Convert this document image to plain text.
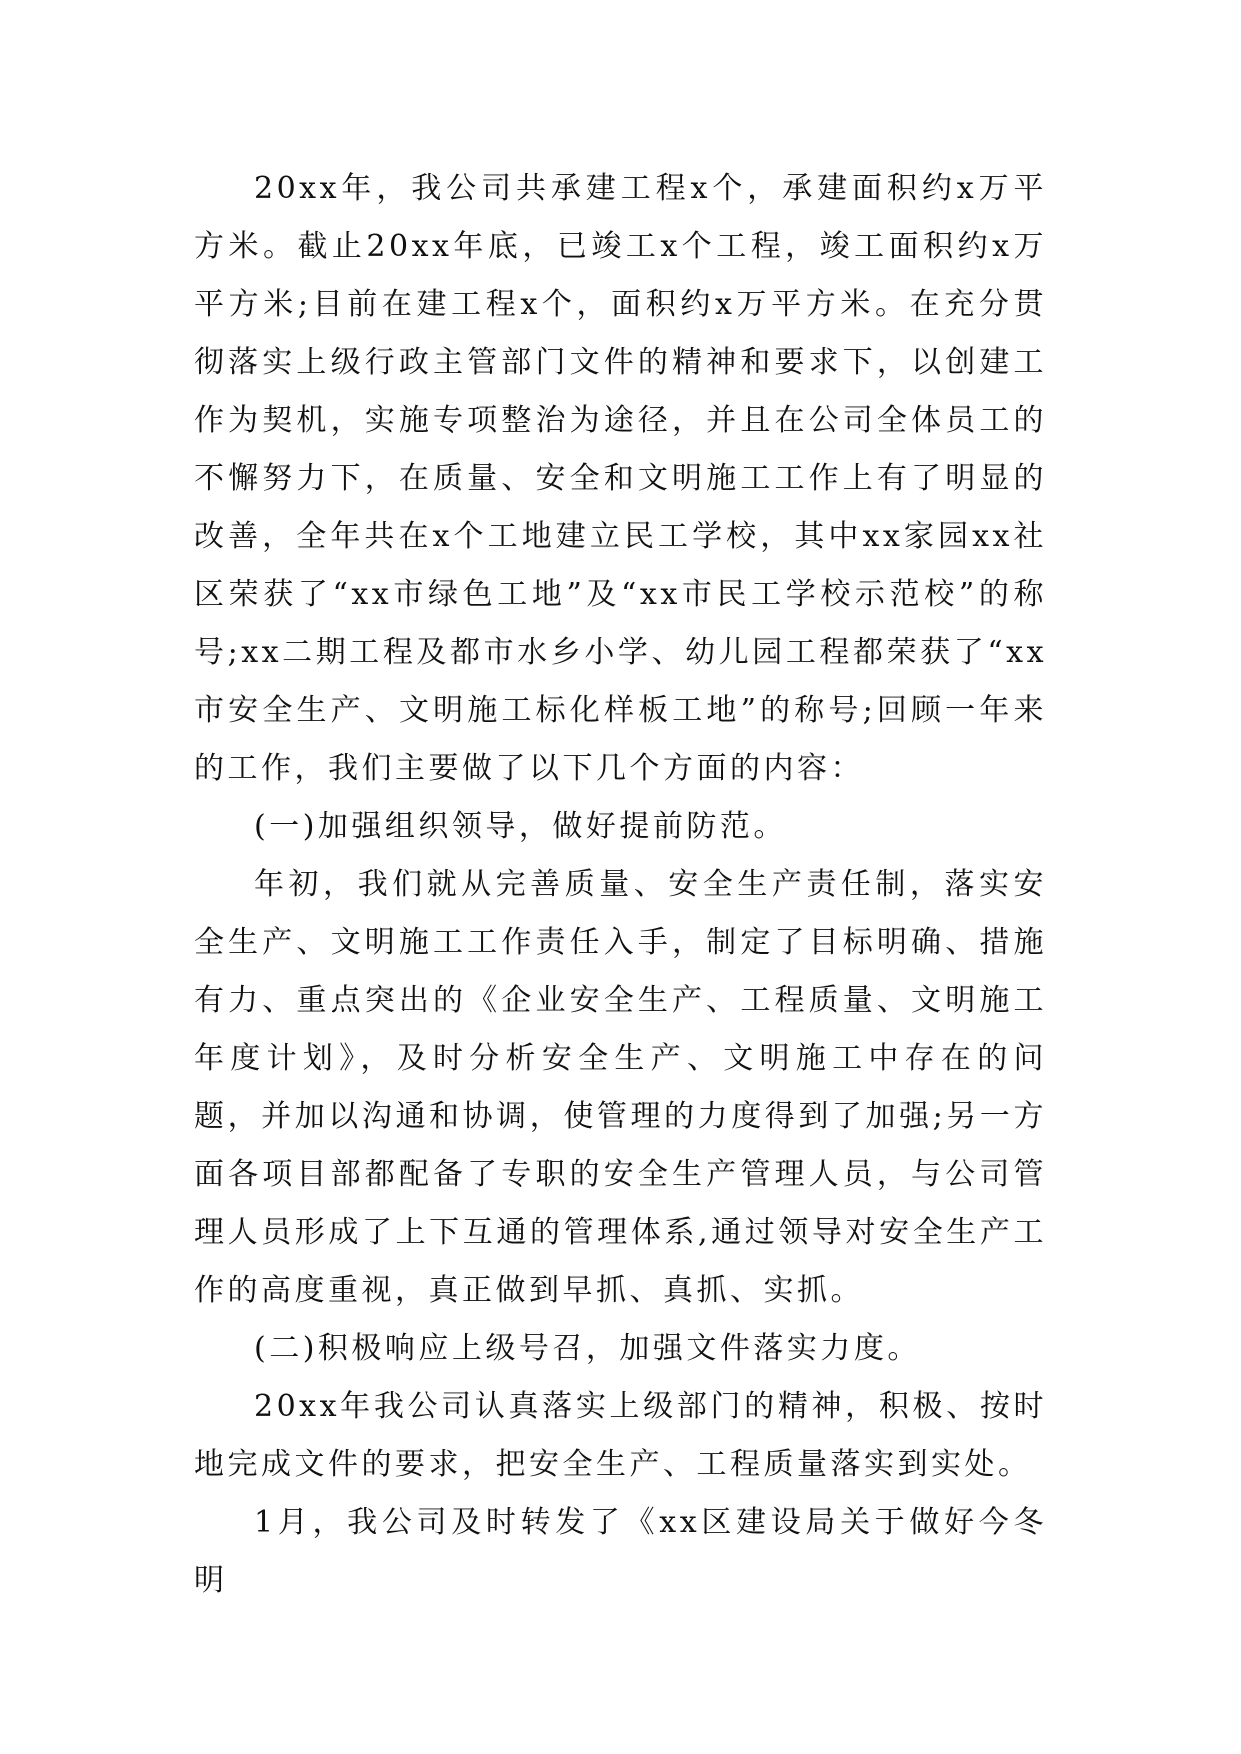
20xx年，我公司共承建工程x个，承建面积约x万平方米。截止20xx年底，已竣工x个工程，竣工面积约x万平方米;目前在建工程x个，面积约x万平方米。在充分贯彻落实上级行政主管部门文件的精神和要求下，以创建工作为契机，实施专项整治为途径，并且在公司全体员工的不懈努力下，在质量、安全和文明施工工作上有了明显的改善，全年共在x个工地建立民工学校，其中xx家园xx社区荣获了“xx市绿色工地”及“xx市民工学校示范校”的称号;xx二期工程及都市水乡小学、幼儿园工程都荣获了“xx市安全生产、文明施工标化样板工地”的称号;回顾一年来的工作，我们主要做了以下几个方面的内容：

(一)加强组织领导，做好提前防范。

年初，我们就从完善质量、安全生产责任制，落实安全生产、文明施工工作责任入手，制定了目标明确、措施有力、重点突出的《企业安全生产、工程质量、文明施工年度计划》，及时分析安全生产、文明施工中存在的问题，并加以沟通和协调，使管理的力度得到了加强;另一方面各项目部都配备了专职的安全生产管理人员，与公司管理人员形成了上下互通的管理体系,通过领导对安全生产工作的高度重视，真正做到早抓、真抓、实抓。

(二)积极响应上级号召，加强文件落实力度。

20xx年我公司认真落实上级部门的精神，积极、按时地完成文件的要求，把安全生产、工程质量落实到实处。

1月，我公司及时转发了《xx区建设局关于做好今冬明
